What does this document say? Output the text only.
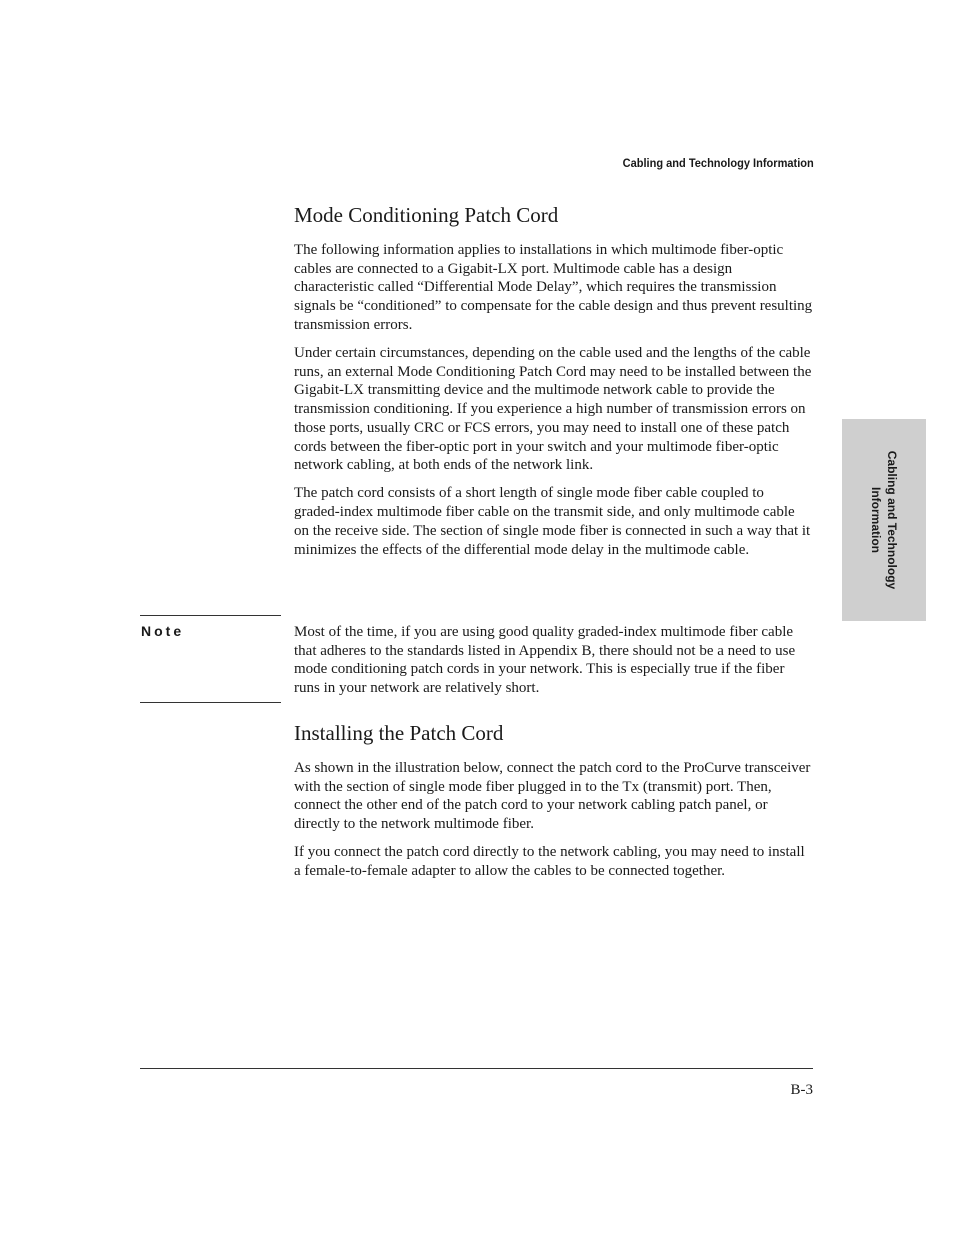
Cabling and Technology Information
Mode Conditioning Patch Cord

The following information applies to installations in which multimode fiber-optic cables are connected to a Gigabit-LX port. Multimode cable has a design characteristic called “Differential Mode Delay”, which requires the transmission signals be “conditioned” to compensate for the cable design and thus prevent resulting transmission errors.

Under certain circumstances, depending on the cable used and the lengths of the cable runs, an external Mode Conditioning Patch Cord may need to be installed between the Gigabit-LX transmitting device and the multimode network cable to provide the transmission conditioning. If you experience a high number of transmission errors on those ports, usually CRC or FCS errors, you may need to install one of these patch cords between the fiber-optic port in your switch and your multimode fiber-optic network cabling, at both ends of the network link.

The patch cord consists of a short length of single mode fiber cable coupled to graded-index multimode fiber cable on the transmit side, and only multimode cable on the receive side. The section of single mode fiber is connected in such a way that it minimizes the effects of the differential mode delay in the multimode cable.

Note	Most of the time, if you are using good quality graded-index multimode fiber cable that adheres to the standards listed in Appendix B, there should not be a need to use mode conditioning patch cords in your network. This is especially true if the fiber runs in your network are relatively short.

Installing the Patch Cord

As shown in the illustration below, connect the patch cord to the ProCurve transceiver with the section of single mode fiber plugged in to the Tx (transmit) port. Then, connect the other end of the patch cord to your network cabling patch panel, or directly to the network multimode fiber.

If you connect the patch cord directly to the network cabling, you may need to install a female-to-female adapter to allow the cables to be connected together.

Cabling and Technology
Information
B-3
